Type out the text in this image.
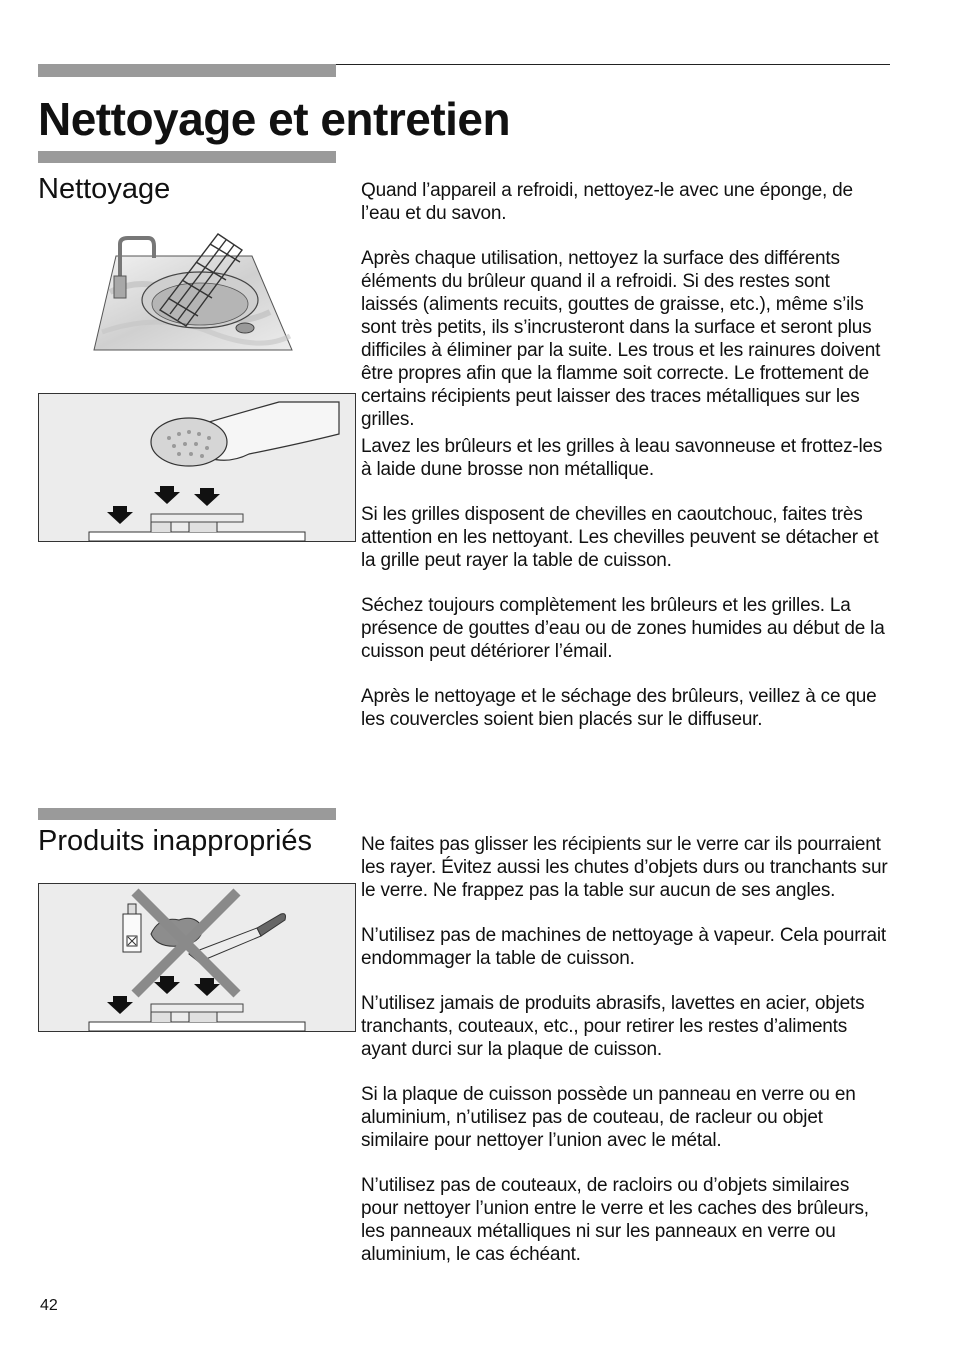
Nettoyage et entretien
Nettoyage
Produits inappropriés

Quand l’appareil a refroidi, nettoyez-le avec une éponge, de l’eau et du savon.

Après chaque utilisation, nettoyez la surface des différents éléments du brûleur quand il a refroidi. Si des restes sont laissés (aliments recuits, gouttes de graisse, etc.), même s’ils sont très petits, ils s’incrusteront dans la surface et seront plus difficiles à éliminer par la suite. Les trous et les rainures doivent être propres afin que la flamme soit correcte. Le frottement de certains récipients peut laisser des traces métalliques sur les grilles.

Lavez les brûleurs et les grilles à leau savonneuse et frottez-les à laide dune brosse non métallique.

Si les grilles disposent de chevilles en caoutchouc, faites très attention en les nettoyant. Les chevilles peuvent se détacher et la grille peut rayer la table de cuisson.

Séchez toujours complètement les brûleurs et les grilles. La présence de gouttes d’eau ou de zones humides au début de la cuisson peut détériorer l’émail.

Après le nettoyage et le séchage des brûleurs, veillez à ce que les couvercles soient bien placés sur le diffuseur.

Ne faites pas glisser les récipients sur le verre car ils pourraient les rayer. Évitez aussi les chutes d’objets durs ou tranchants sur le verre. Ne frappez pas la table sur aucun de ses angles.

N’utilisez pas de machines de nettoyage à vapeur. Cela pourrait endommager la table de cuisson.

N’utilisez jamais de produits abrasifs, lavettes en acier, objets tranchants, couteaux, etc., pour retirer les restes d’aliments ayant durci sur la plaque de cuisson.

Si la plaque de cuisson possède un panneau en verre ou en aluminium, n’utilisez pas de couteau, de racleur ou objet similaire pour nettoyer l’union avec le métal.

N’utilisez pas de couteaux, de racloirs ou d’objets similaires pour nettoyer l’union entre le verre et les caches des brûleurs, les panneaux métalliques ni sur les panneaux en verre ou aluminium, le cas échéant.

42
